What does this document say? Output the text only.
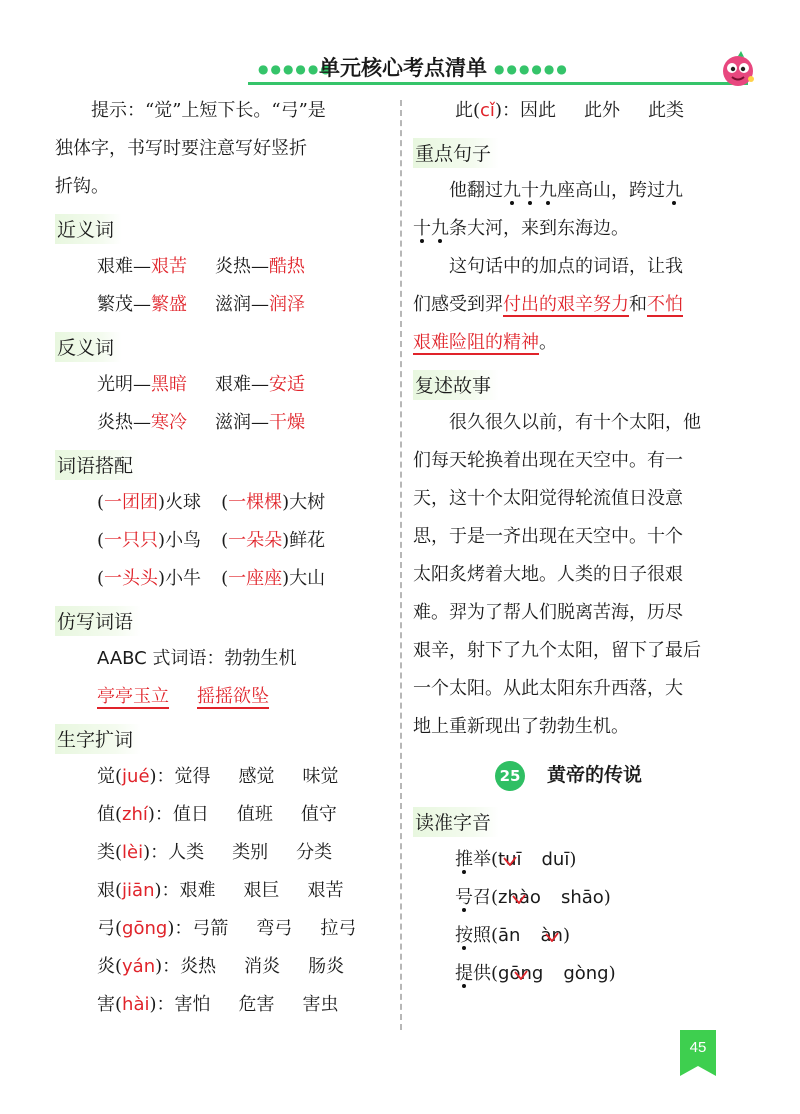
●●●●●●
单元核心考点清单 ●●●●●●

提示：“觉”上短下长。“弓”是

独体字，书写时要注意写好竖折

折钩。

近义词
艰难—艰苦 炎热—酷热
繁茂—繁盛 滋润—润泽
反义词
光明—黑暗 艰难—安适
炎热—寒冷 滋润—干燥
词语搭配
(一团团)火球 (一棵棵)大树
(一只只)小鸟 (一朵朵)鲜花
(一头头)小牛 (一座座)大山
仿写词语
AABC 式词语：勃勃生机
亭亭玉立 摇摇欲坠
生字扩词
觉(jué)：觉得 感觉 味觉
值(zhí)：值日 值班 值守
类(lèi)：人类 类别 分类
艰(jiān)：艰难 艰巨 艰苦
弓(gōng)：弓箭 弯弓 拉弓
炎(yán)：炎热 消炎 肠炎
害(hài)：害怕 危害 害虫
此(cǐ)：因此 此外 此类
重点句子

他翻过九十九座高山，跨过九

十九条大河，来到东海边。

这句话中的加点的词语，让我

们感受到羿付出的艰辛努力和不怕

艰难险阻的精神。

复述故事

很久很久以前，有十个太阳，他

们每天轮换着出现在天空中。有一

天，这十个太阳觉得轮流值日没意

思，于是一齐出现在天空中。十个

太阳炙烤着大地。人类的日子很艰

难。羿为了帮人们脱离苦海，历尽

艰辛，射下了九个太阳，留下了最后

一个太阳。从此太阳东升西落，大

地上重新现出了勃勃生机。

25 黄帝的传说
读准字音
推举(tuī duī)
号召(zhào shāo)
按照(ān àn
)
提供(gōng gòng)
45
